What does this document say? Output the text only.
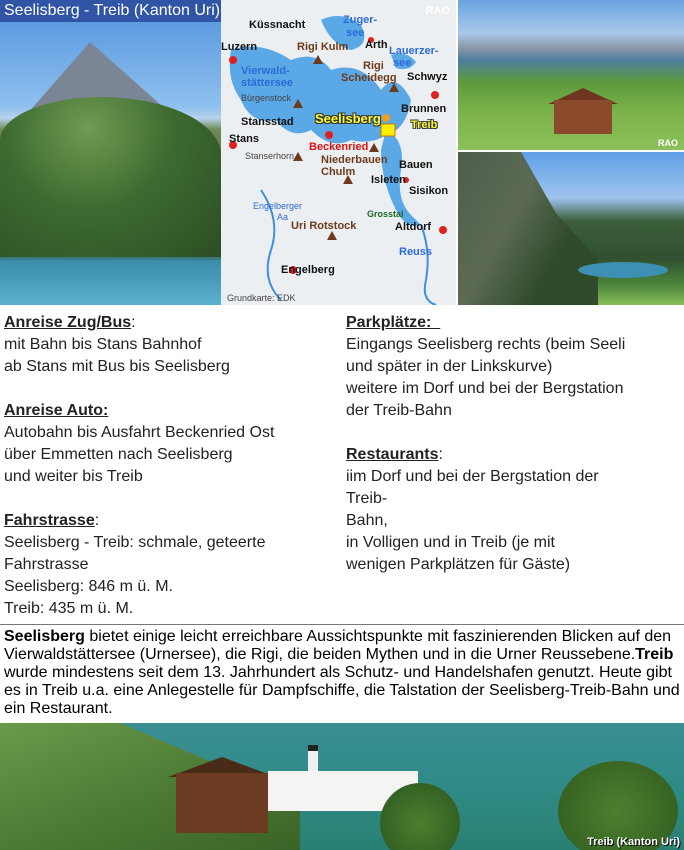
Seelisberg - Treib (Kanton Uri)
Küssnacht	Zuger-
see
Luzern	Rigi Kulm Arth Lauerzer-
see
Vierwald-
stättersee
Rigi
Scheidegg Schwyz
Bürgenstock
Brunnen
Stansstad Seelisberg	Treib
Stans
Beckenried
Stanserhorn Niederbauen
Chulm
Bauen
Isleten
Sisikon
Engelberger
Aa	Grosstal
Uri Rotstock	Altdorf
Reuss
Engelberg
Grundkarte: EDK
RAO
RAO
Anreise Zug/Bus:
mit Bahn bis Stans Bahnhof
ab Stans mit Bus bis Seelisberg
Anreise Auto:
Autobahn bis Ausfahrt Beckenried Ost
über Emmetten nach Seelisberg
und weiter bis Treib
Fahrstrasse:
Seelisberg - Treib: schmale, geteerte
Fahrstrasse
Seelisberg: 846 m ü. M.
Treib: 435 m ü. M.
Parkplätze:
Eingangs Seelisberg rechts (beim Seeli
und später in der Linkskurve)
weitere im Dorf und bei der Bergstation
der Treib-Bahn
Restaurants:
iim Dorf und bei der Bergstation der
Treib-
Bahn,
in Volligen und in Treib (je mit
wenigen Parkplätzen für Gäste)
Seelisberg bietet einige leicht erreichbare Aussichtspunkte mit faszinierenden Blicken auf den Vierwaldstättersee (Urnersee), die Rigi, die beiden Mythen und in die Urner Reussebene.Treib wurde mindestens seit dem 13. Jahrhundert als Schutz- und Handelshafen genutzt. Heute gibt es in Treib u.a. eine Anlegestelle für Dampfschiffe, die Talstation der Seelisberg-Treib-Bahn und ein Restaurant.
Treib (Kanton Uri)
